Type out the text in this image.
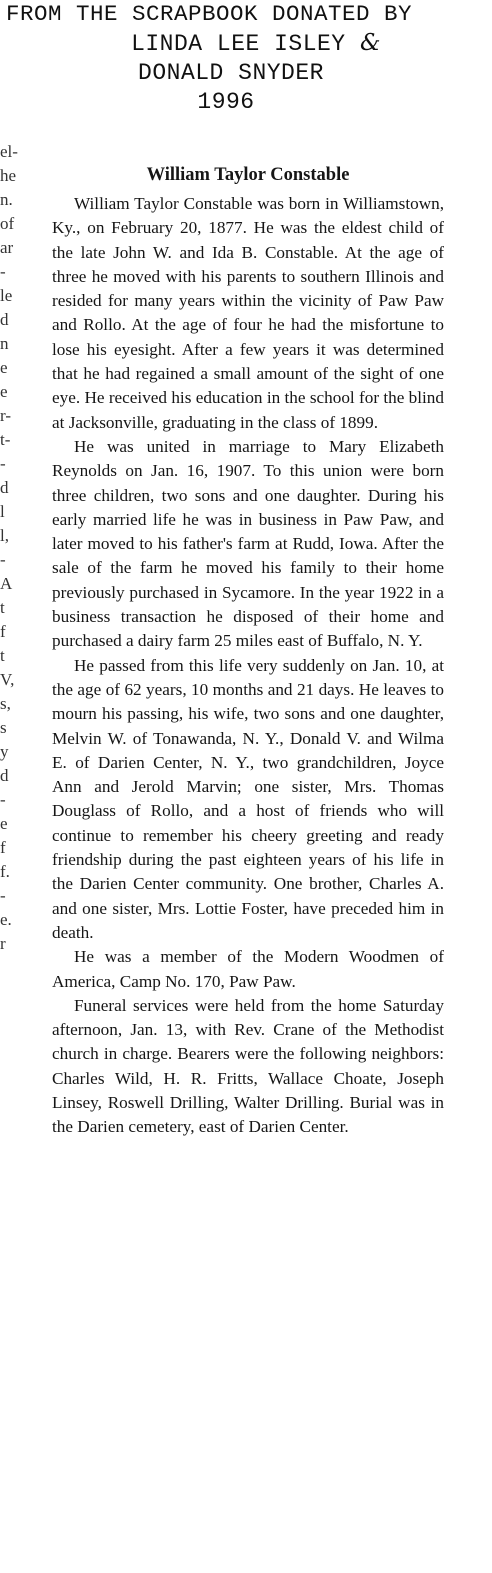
FROM THE SCRAPBOOK DONATED BY
LINDA LEE ISLEY &
DONALD SNYDER
1996
el-
he
n.
of
ar
-
le
d
n
e
e
r-
t-
-
d
l
l,
-
A
t
f
t
V,
s,
s
y
d
-
e
f
f.
-
e.
r
William Taylor Constable

William Taylor Constable was born in Williamstown, Ky., on February 20, 1877. He was the eldest child of the late John W. and Ida B. Constable. At the age of three he moved with his parents to southern Illinois and resided for many years within the vicinity of Paw Paw and Rollo. At the age of four he had the misfortune to lose his eyesight. After a few years it was determined that he had regained a small amount of the sight of one eye. He received his education in the school for the blind at Jacksonville, graduating in the class of 1899.

He was united in marriage to Mary Elizabeth Reynolds on Jan. 16, 1907. To this union were born three children, two sons and one daughter. During his early married life he was in business in Paw Paw, and later moved to his father's farm at Rudd, Iowa. After the sale of the farm he moved his family to their home previously purchased in Sycamore. In the year 1922 in a business transaction he disposed of their home and purchased a dairy farm 25 miles east of Buffalo, N. Y.

He passed from this life very suddenly on Jan. 10, at the age of 62 years, 10 months and 21 days. He leaves to mourn his passing, his wife, two sons and one daughter, Melvin W. of Tonawanda, N. Y., Donald V. and Wilma E. of Darien Center, N. Y., two grandchildren, Joyce Ann and Jerold Marvin; one sister, Mrs. Thomas Douglass of Rollo, and a host of friends who will continue to remember his cheery greeting and ready friendship during the past eighteen years of his life in the Darien Center community. One brother, Charles A. and one sister, Mrs. Lottie Foster, have preceded him in death.

He was a member of the Modern Woodmen of America, Camp No. 170, Paw Paw.

Funeral services were held from the home Saturday afternoon, Jan. 13, with Rev. Crane of the Methodist church in charge. Bearers were the following neighbors: Charles Wild, H. R. Fritts, Wallace Choate, Joseph Linsey, Roswell Drilling, Walter Drilling. Burial was in the Darien cemetery, east of Darien Center.
